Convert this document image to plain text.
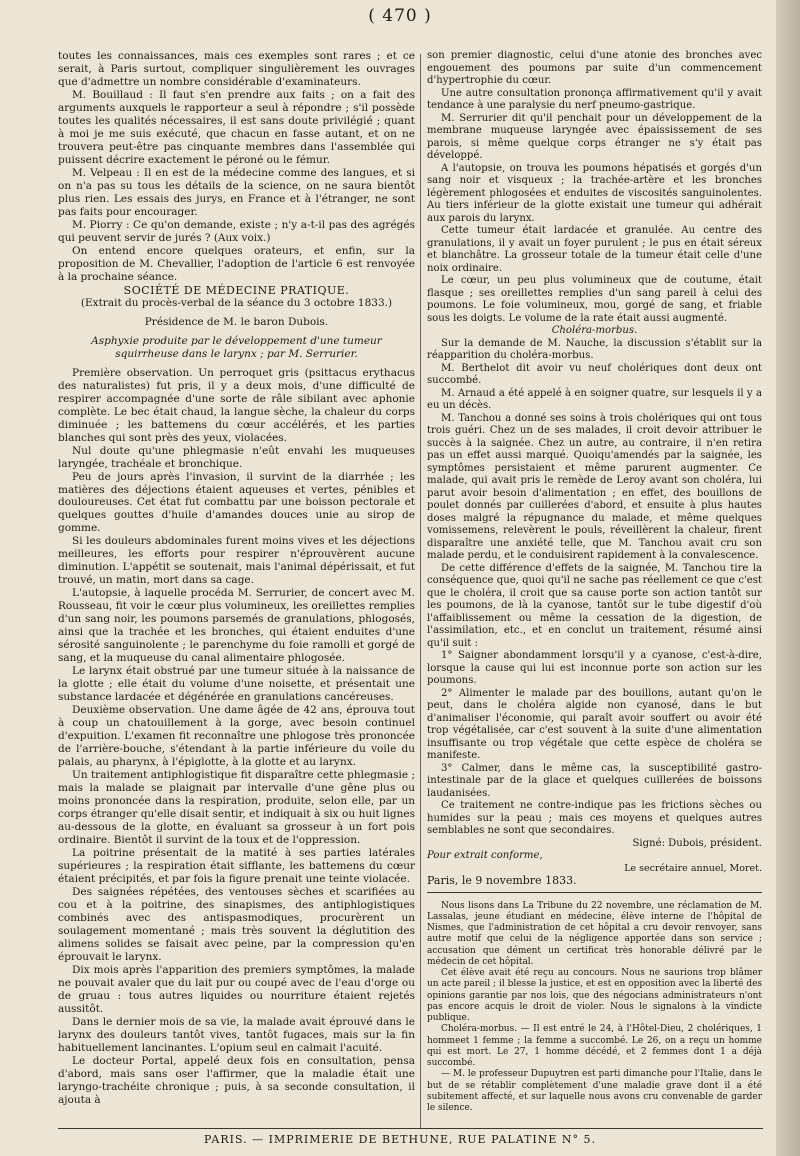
( 470 )

toutes les connaissances, mais ces exemples sont rares ; et ce serait, à Paris surtout, compliquer singulièrement les ouvrages que d'admettre un nombre considérable d'examinateurs.

M. Bouillaud : Il faut s'en prendre aux faits ; on a fait des arguments auxquels le rapporteur a seul à répondre ; s'il possède toutes les qualités nécessaires, il est sans doute privilégié ; quant à moi je me suis exécuté, que chacun en fasse autant, et on ne trouvera peut-être pas cinquante membres dans l'assemblée qui puissent décrire exactement le péroné ou le fémur.

M. Velpeau : Il en est de la médecine comme des langues, et si on n'a pas su tous les détails de la science, on ne saura bientôt plus rien. Les essais des jurys, en France et à l'étranger, ne sont pas faits pour encourager.

M. Piorry : Ce qu'on demande, existe ; n'y a-t-il pas des agrégés qui peuvent servir de jurés ? (Aux voix.)

On entend encore quelques orateurs, et enfin, sur la proposition de M. Chevallier, l'adoption de l'article 6 est renvoyée à la prochaine séance.

SOCIÉTÉ DE MÉDECINE PRATIQUE.

(Extrait du procès-verbal de la séance du 3 octobre 1833.)

Présidence de M. le baron Dubois.

Asphyxie produite par le développement d'une tumeur squirrheuse dans le larynx ; par M. Serrurier.

Première observation. Un perroquet gris (psittacus erythacus des naturalistes) fut pris, il y a deux mois, d'une difficulté de respirer accompagnée d'une sorte de râle sibilant avec aphonie complète. Le bec était chaud, la langue sèche, la chaleur du corps diminuée ; les battemens du cœur accélérés, et les parties blanches qui sont près des yeux, violacées.

Nul doute qu'une phlegmasie n'eût envahi les muqueuses laryngée, trachéale et bronchique.

Peu de jours après l'invasion, il survint de la diarrhée ; les matières des déjections étaient aqueuses et vertes, pénibles et douloureuses. Cet état fut combattu par une boisson pectorale et quelques gouttes d'huile d'amandes douces unie au sirop de gomme.

Si les douleurs abdominales furent moins vives et les déjections meilleures, les efforts pour respirer n'éprouvèrent aucune diminution. L'appétit se soutenait, mais l'animal dépérissait, et fut trouvé, un matin, mort dans sa cage.

L'autopsie, à laquelle procéda M. Serrurier, de concert avec M. Rousseau, fit voir le cœur plus volumineux, les oreillettes remplies d'un sang noir, les poumons parsemés de granulations, phlogosés, ainsi que la trachée et les bronches, qui étaient enduites d'une sérosité sanguinolente ; le parenchyme du foie ramolli et gorgé de sang, et la muqueuse du canal alimentaire phlogosée.

Le larynx était obstrué par une tumeur située à la naissance de la glotte ; elle était du volume d'une noisette, et présentait une substance lardacée et dégénérée en granulations cancéreuses.

Deuxième observation. Une dame âgée de 42 ans, éprouva tout à coup un chatouillement à la gorge, avec besoin continuel d'expuition. L'examen fit reconnaître une phlogose très prononcée de l'arrière-bouche, s'étendant à la partie inférieure du voile du palais, au pharynx, à l'épiglotte, à la glotte et au larynx.

Un traitement antiphlogistique fit disparaître cette phlegmasie ; mais la malade se plaignait par intervalle d'une gêne plus ou moins prononcée dans la respiration, produite, selon elle, par un corps étranger qu'elle disait sentir, et indiquait à six ou huit lignes au-dessous de la glotte, en évaluant sa grosseur à un fort pois ordinaire. Bientôt il survint de la toux et de l'oppression.

La poitrine présentait de la matité à ses parties latérales supérieures ; la respiration était sifflante, les battemens du cœur étaient précipités, et par fois la figure prenait une teinte violacée.

Des saignées répétées, des ventouses sèches et scarifiées au cou et à la poitrine, des sinapismes, des antiphlogistiques combinés avec des antispasmodiques, procurèrent un soulagement momentané ; mais très souvent la déglutition des alimens solides se faisait avec peine, par la compression qu'en éprouvait le larynx.

Dix mois après l'apparition des premiers symptômes, la malade ne pouvait avaler que du lait pur ou coupé avec de l'eau d'orge ou de gruau : tous autres liquides ou nourriture étaient rejetés aussitôt.

Dans le dernier mois de sa vie, la malade avait éprouvé dans le larynx des douleurs tantôt vives, tantôt fugaces, mais sur la fin habituellement lancinantes. L'opium seul en calmait l'acuité.

Le docteur Portal, appelé deux fois en consultation, pensa d'abord, mais sans oser l'affirmer, que la maladie était une laryngo-trachéite chronique ; puis, à sa seconde consultation, il ajouta à

son premier diagnostic, celui d'une atonie des bronches avec engouement des poumons par suite d'un commencement d'hypertrophie du cœur.

Une autre consultation prononça affirmativement qu'il y avait tendance à une paralysie du nerf pneumo-gastrique.

M. Serrurier dit qu'il penchait pour un développement de la membrane muqueuse laryngée avec épaississement de ses parois, si même quelque corps étranger ne s'y était pas développé.

A l'autopsie, on trouva les poumons hépatisés et gorgés d'un sang noir et visqueux ; la trachée-artère et les bronches légèrement phlogosées et enduites de viscosités sanguinolentes. Au tiers inférieur de la glotte existait une tumeur qui adhérait aux parois du larynx.

Cette tumeur était lardacée et granulée. Au centre des granulations, il y avait un foyer purulent ; le pus en était séreux et blanchâtre. La grosseur totale de la tumeur était celle d'une noix ordinaire.

Le cœur, un peu plus volumineux que de coutume, était flasque ; ses oreillettes remplies d'un sang pareil à celui des poumons. Le foie volumineux, mou, gorgé de sang, et friable sous les doigts. Le volume de la rate était aussi augmenté.

Choléra-morbus.

Sur la demande de M. Nauche, la discussion s'établit sur la réapparition du choléra-morbus.

M. Berthelot dit avoir vu neuf cholériques dont deux ont succombé.

M. Arnaud a été appelé à en soigner quatre, sur lesquels il y a eu un décès.

M. Tanchou a donné ses soins à trois cholériques qui ont tous trois guéri. Chez un de ses malades, il croit devoir attribuer le succès à la saignée. Chez un autre, au contraire, il n'en retira pas un effet aussi marqué. Quoiqu'amendés par la saignée, les symptômes persistaient et même parurent augmenter. Ce malade, qui avait pris le remède de Leroy avant son choléra, lui parut avoir besoin d'alimentation ; en effet, des bouillons de poulet donnés par cuillerées d'abord, et ensuite à plus hautes doses malgré la répugnance du malade, et même quelques vomissemens, relevèrent le pouls, réveillèrent la chaleur, firent disparaître une anxiété telle, que M. Tanchou avait cru son malade perdu, et le conduisirent rapidement à la convalescence.

De cette différence d'effets de la saignée, M. Tanchou tire la conséquence que, quoi qu'il ne sache pas réellement ce que c'est que le choléra, il croit que sa cause porte son action tantôt sur les poumons, de là la cyanose, tantôt sur le tube digestif d'où l'affaiblissement ou même la cessation de la digestion, de l'assimilation, etc., et en conclut un traitement, résumé ainsi qu'il suit :

1° Saigner abondamment lorsqu'il y a cyanose, c'est-à-dire, lorsque la cause qui lui est inconnue porte son action sur les poumons.

2° Alimenter le malade par des bouillons, autant qu'on le peut, dans le choléra algide non cyanosé, dans le but d'animaliser l'économie, qui paraît avoir souffert ou avoir été trop végétalisée, car c'est souvent à la suite d'une alimentation insuffisante ou trop végétale que cette espèce de choléra se manifeste.

3° Calmer, dans le même cas, la susceptibilité gastro-intestinale par de la glace et quelques cuillerées de boissons laudanisées.

Ce traitement ne contre-indique pas les frictions sèches ou humides sur la peau ; mais ces moyens et quelques autres semblables ne sont que secondaires.

Signé: Dubois, président.

Pour extrait conforme,

Le secrétaire annuel, Moret.

Paris, le 9 novembre 1833.

Nous lisons dans La Tribune du 22 novembre, une réclamation de M. Lassalas, jeune étudiant en médecine, élève interne de l'hôpital de Nismes, que l'administration de cet hôpital a cru devoir renvoyer, sans autre motif que celui de la négligence apportée dans son service ; accusation que dément un certificat très honorable délivré par le médecin de cet hôpital.

Cet élève avait été reçu au concours. Nous ne saurions trop blâmer un acte pareil ; il blesse la justice, et est en opposition avec la liberté des opinions garantie par nos lois, que des négocians administrateurs n'ont pas encore acquis le droit de violer. Nous le signalons à la vindicte publique.

Choléra-morbus. — Il est entré le 24, à l'Hôtel-Dieu, 2 cholériques, 1 hommeet 1 femme ; la femme a succombé. Le 26, on a reçu un homme qui est mort. Le 27, 1 homme décédé, et 2 femmes dont 1 a déjà succombé.

— M. le professeur Dupuytren est parti dimanche pour l'Italie, dans le but de se rétablir complètement d'une maladie grave dont il a été subitement affecté, et sur laquelle nous avons cru convenable de garder le silence.

PARIS. — IMPRIMERIE DE BETHUNE, RUE PALATINE N° 5.
